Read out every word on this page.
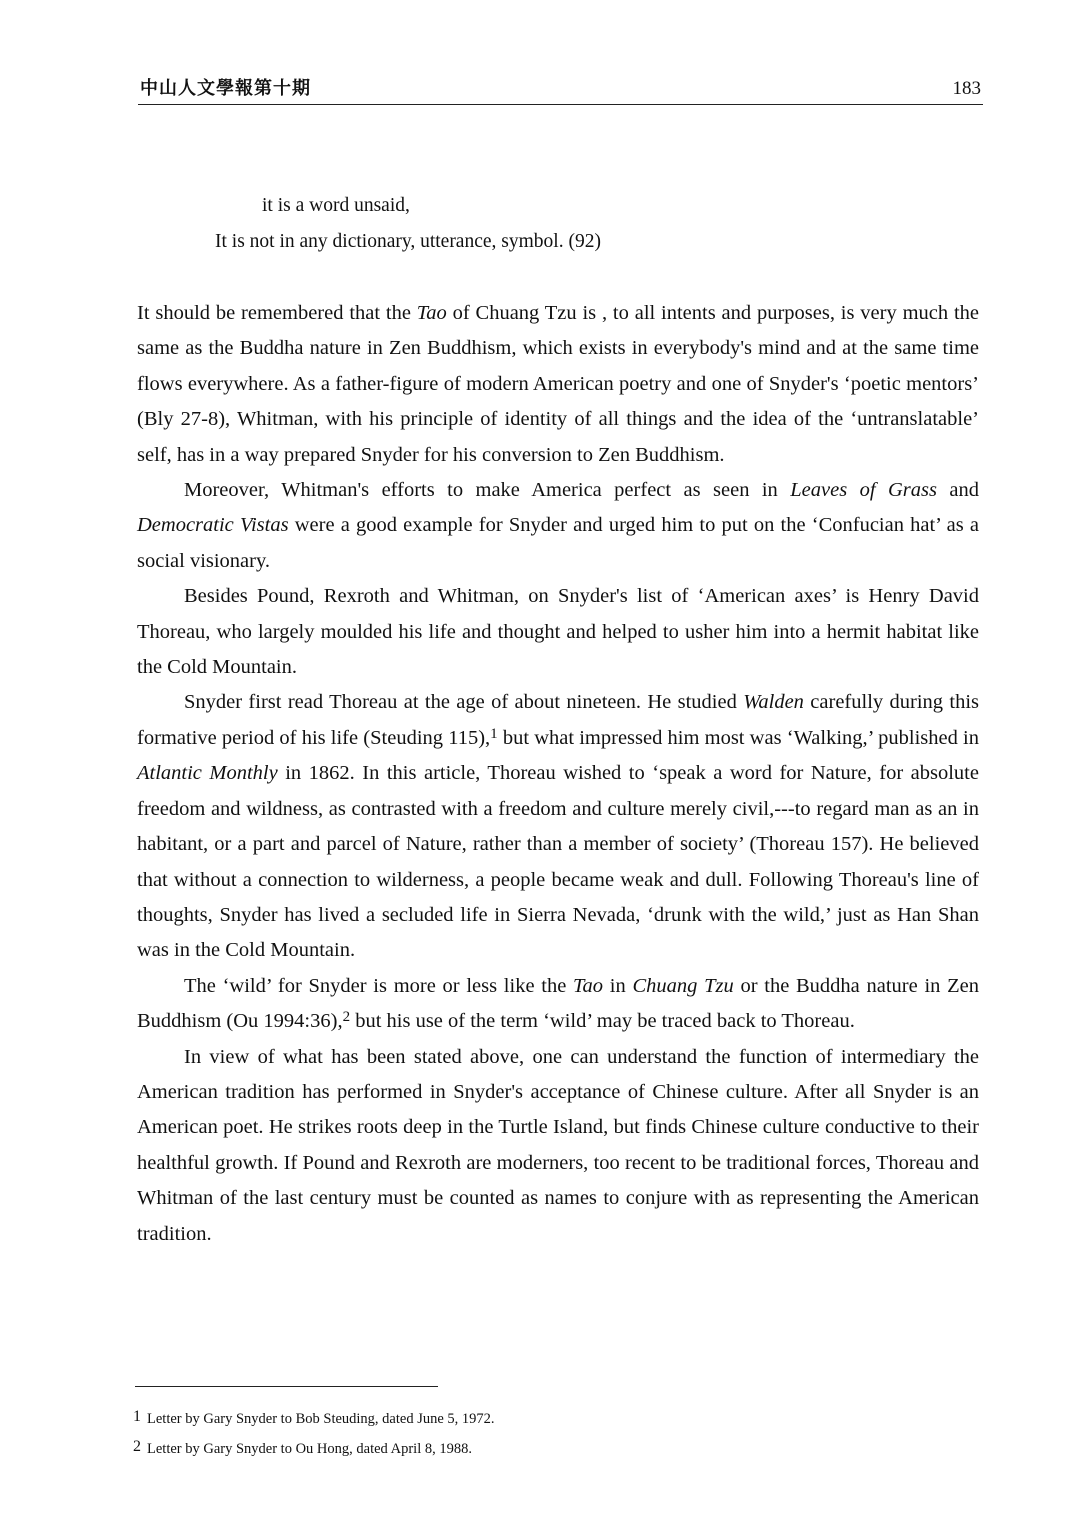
中山人文學報第十期	183
it is a word unsaid,
It is not in any dictionary, utterance, symbol. (92)

It should be remembered that the Tao of Chuang Tzu is , to all intents and purposes, is very much the same as the Buddha nature in Zen Buddhism, which exists in everybody's mind and at the same time flows everywhere. As a father-figure of modern American poetry and one of Snyder's ‘poetic mentors’ (Bly 27-8), Whitman, with his principle of identity of all things and the idea of the ‘untranslatable’ self, has in a way prepared Snyder for his conversion to Zen Buddhism.

Moreover, Whitman's efforts to make America perfect as seen in Leaves of Grass and Democratic Vistas were a good example for Snyder and urged him to put on the ‘Confucian hat’ as a social visionary.

Besides Pound, Rexroth and Whitman, on Snyder's list of ‘American axes’ is Henry David Thoreau, who largely moulded his life and thought and helped to usher him into a hermit habitat like the Cold Mountain.

Snyder first read Thoreau at the age of about nineteen. He studied Walden carefully during this formative period of his life (Steuding 115),$^1$ but what impressed him most was ‘Walking,’ published in Atlantic Monthly in 1862. In this article, Thoreau wished to ‘speak a word for Nature, for absolute freedom and wildness, as contrasted with a freedom and culture merely civil,---to regard man as an in habitant, or a part and parcel of Nature, rather than a member of society’ (Thoreau 157). He believed that without a connection to wilderness, a people became weak and dull. Following Thoreau's line of thoughts, Snyder has lived a secluded life in Sierra Nevada, ‘drunk with the wild,’ just as Han Shan was in the Cold Mountain.

The ‘wild’ for Snyder is more or less like the Tao in Chuang Tzu or the Buddha nature in Zen Buddhism (Ou 1994:36),$^2$ but his use of the term ‘wild’ may be traced back to Thoreau.

In view of what has been stated above, one can understand the function of intermediary the American tradition has performed in Snyder's acceptance of Chinese culture. After all Snyder is an American poet. He strikes roots deep in the Turtle Island, but finds Chinese culture conductive to their healthful growth. If Pound and Rexroth are moderners, too recent to be traditional forces, Thoreau and Whitman of the last century must be counted as names to conjure with as representing the American tradition.

1 Letter by Gary Snyder to Bob Steuding, dated June 5, 1972.
2 Letter by Gary Snyder to Ou Hong, dated April 8, 1988.
